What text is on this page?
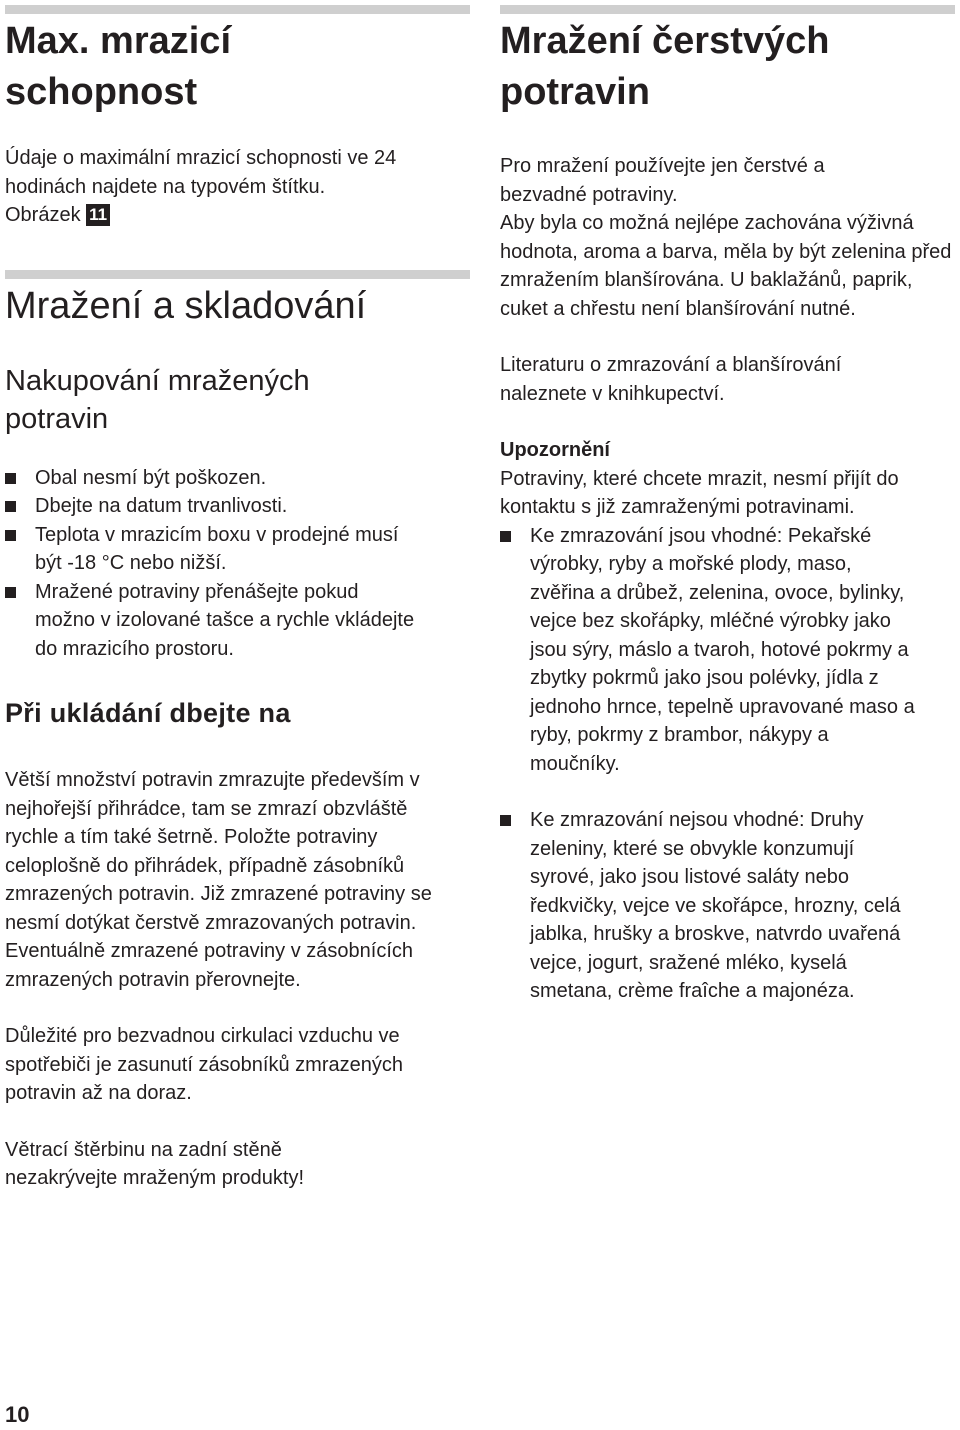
Max. mrazicí schopnost

Údaje o maximální mrazicí schopnosti ve 24 hodinách najdete na typovém štítku.

Obrázek 11

Mražení a skladování
Nakupování mražených potravin
Obal nesmí být poškozen.
Dbejte na datum trvanlivosti.
Teplota v mrazicím boxu v prodejné musí být -18 °C nebo nižší.
Mražené potraviny přenášejte pokud možno v izolované tašce a rychle vkládejte do mrazicího prostoru.
Při ukládání dbejte na

Větší množství potravin zmrazujte především v nejhořejší přihrádce, tam se zmrazí obzvláště rychle a tím také šetrně. Položte potraviny celoplošně do přihrádek, případně zásobníků zmrazených potravin. Již zmrazené potraviny se nesmí dotýkat čerstvě zmrazovaných potravin. Eventuálně zmrazené potraviny v zásobnících zmrazených potravin přerovnejte.

Důležité pro bezvadnou cirkulaci vzduchu ve spotřebiči je zasunutí zásobníků zmrazených potravin až na doraz.

Větrací štěrbinu na zadní stěně nezakrývejte mraženým produkty!

Mražení čerstvých potravin

Pro mražení používejte jen čerstvé a bezvadné potraviny.

Aby byla co možná nejlépe zachována výživná hodnota, aroma a barva, měla by být zelenina před zmražením blanšírována. U baklažánů, paprik, cuket a chřestu není blanšírování nutné.

Literaturu o zmrazování a blanšírování naleznete v knihkupectví.

Upozornění

Potraviny, které chcete mrazit, nesmí přijít do kontaktu s již zamraženými potravinami.

Ke zmrazování jsou vhodné: Pekařské výrobky, ryby a mořské plody, maso, zvěřina a drůbež, zelenina, ovoce, bylinky, vejce bez skořápky, mléčné výrobky jako jsou sýry, máslo a tvaroh, hotové pokrmy a zbytky pokrmů jako jsou polévky, jídla z jednoho hrnce, tepelně upravované maso a ryby, pokrmy z brambor, nákypy a moučníky.
Ke zmrazování nejsou vhodné: Druhy zeleniny, které se obvykle konzumují syrové, jako jsou listové saláty nebo ředkvičky, vejce ve skořápce, hrozny, celá jablka, hrušky a broskve, natvrdo uvařená vejce, jogurt, sražené mléko, kyselá smetana, crème fraîche a majonéza.
10
